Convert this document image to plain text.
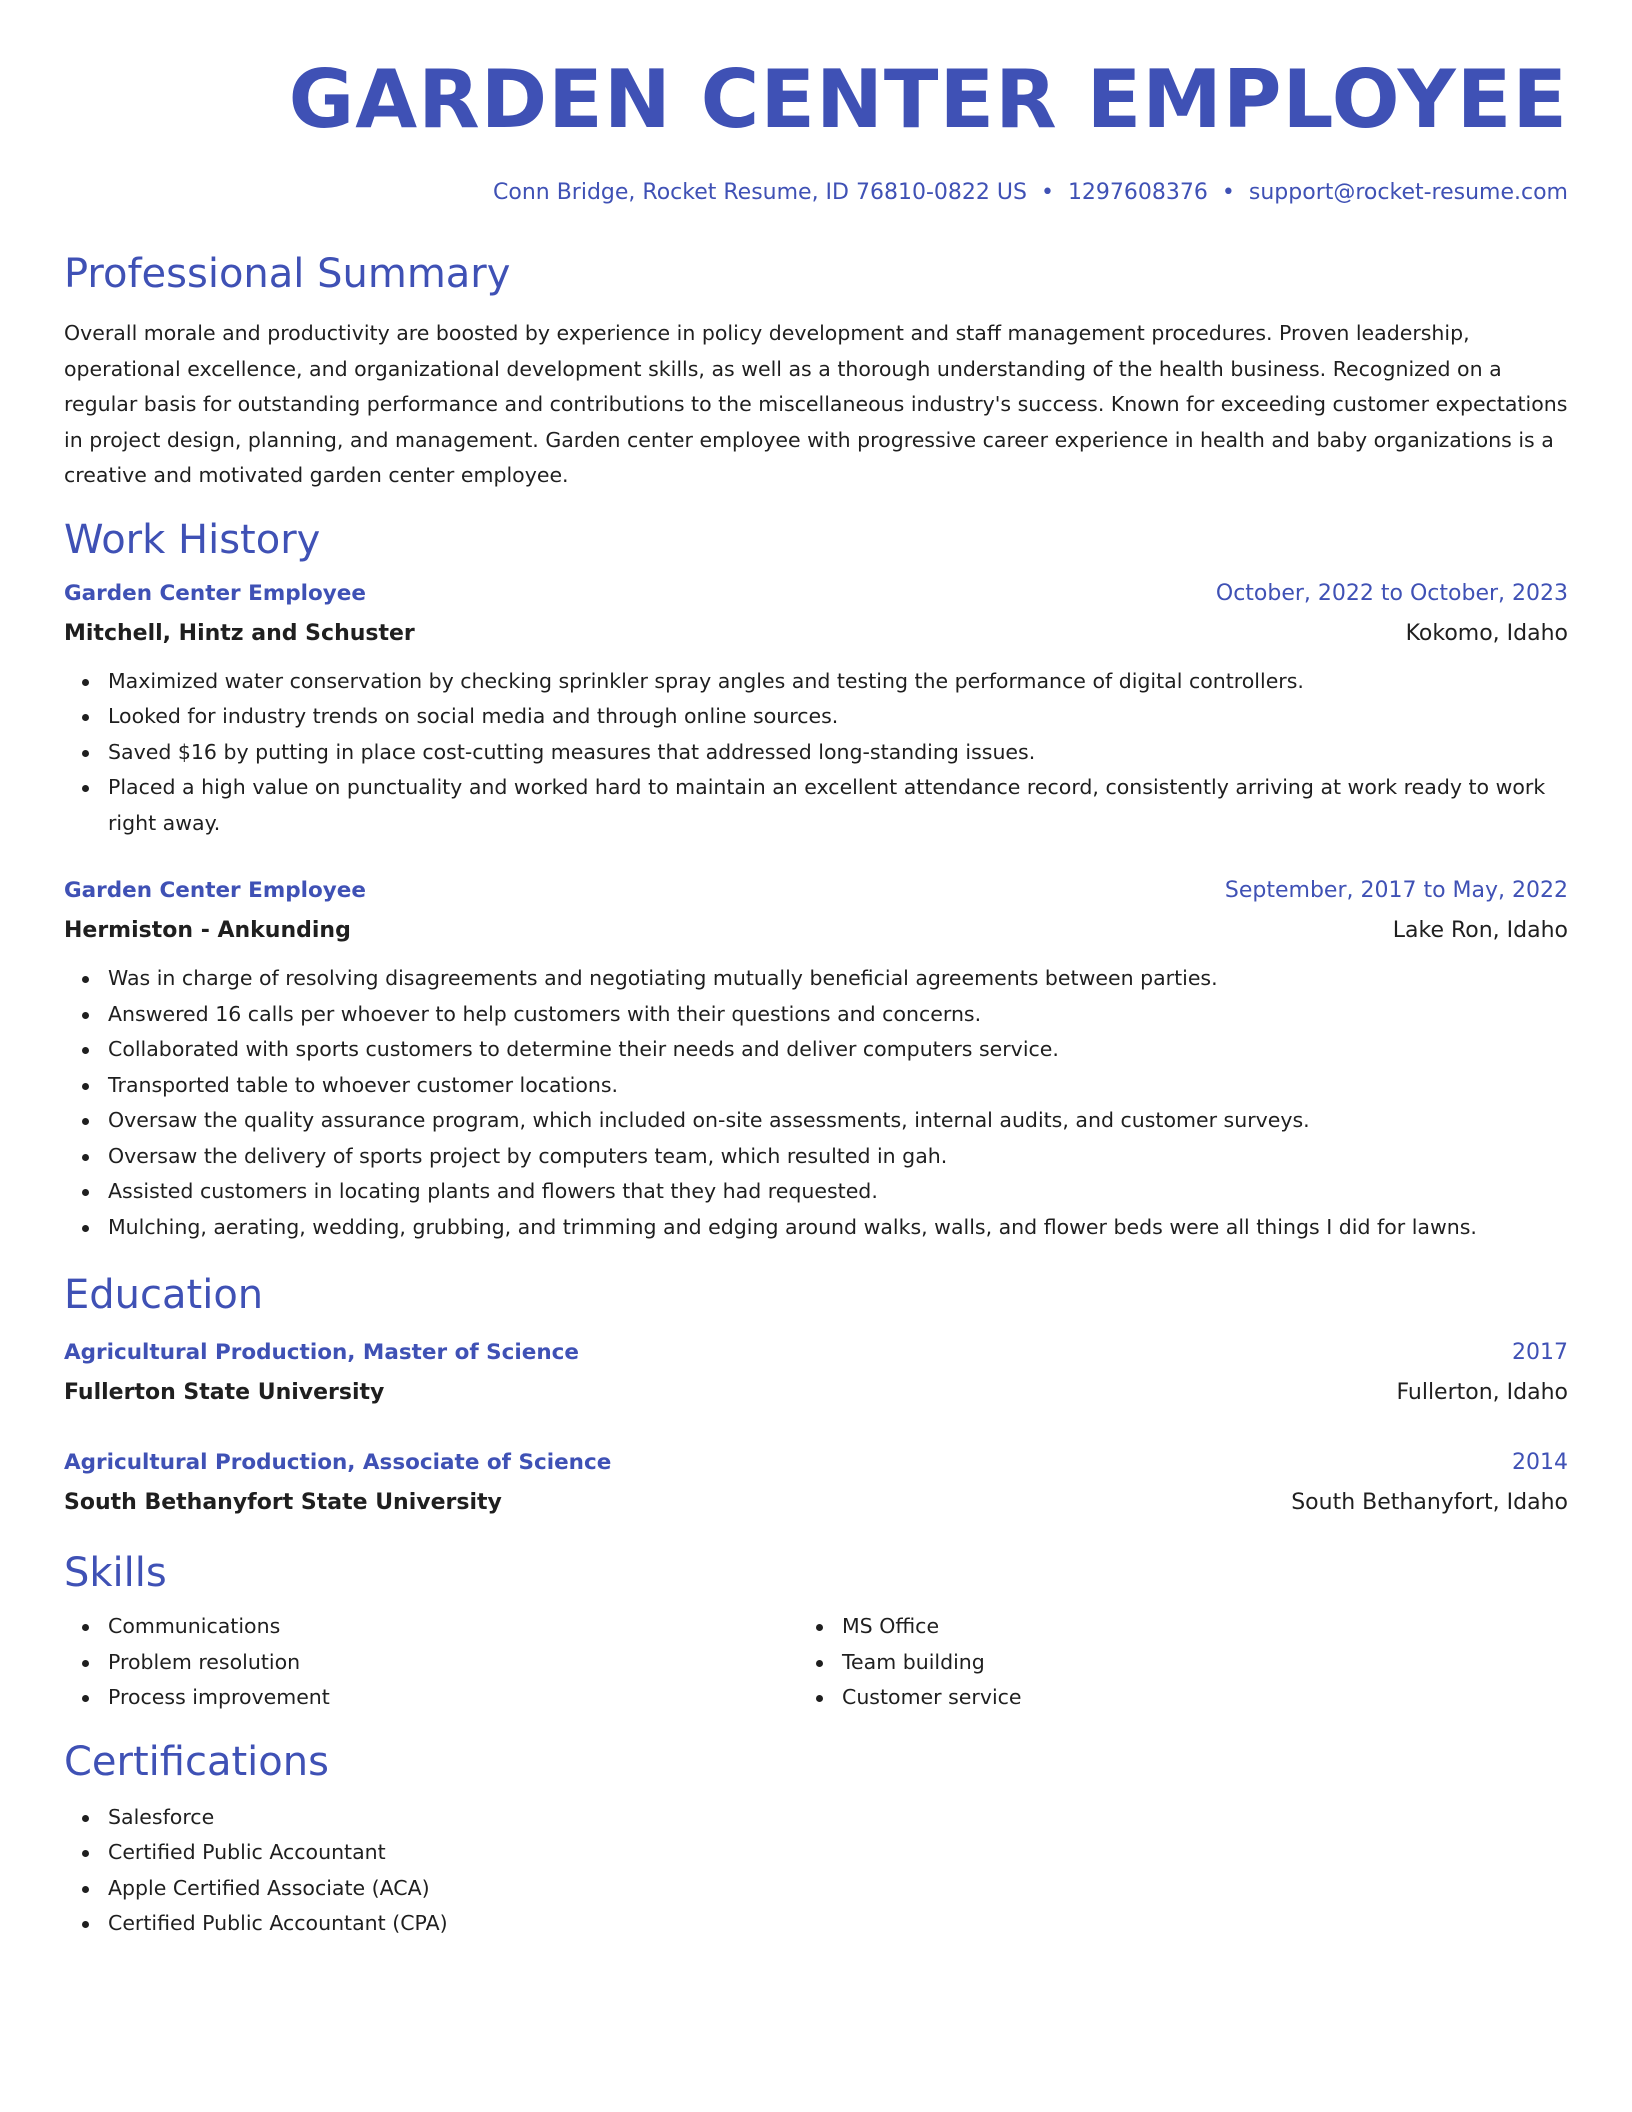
GARDEN CENTER EMPLOYEE
Conn Bridge, Rocket Resume, ID 76810-0822 US • 1297608376 • support@rocket-resume.com
Professional Summary

Overall morale and productivity are boosted by experience in policy development and staff management procedures. Proven leadership, operational excellence, and organizational development skills, as well as a thorough understanding of the health business. Recognized on a regular basis for outstanding performance and contributions to the miscellaneous industry's success. Known for exceeding customer expectations in project design, planning, and management. Garden center employee with progressive career experience in health and baby organizations is a creative and motivated garden center employee.

Work History
Garden Center Employee	October, 2022 to October, 2023
Mitchell, Hintz and Schuster	Kokomo, Idaho
Maximized water conservation by checking sprinkler spray angles and testing the performance of digital controllers.
Looked for industry trends on social media and through online sources.
Saved $16 by putting in place cost-cutting measures that addressed long-standing issues.
Placed a high value on punctuality and worked hard to maintain an excellent attendance record, consistently arriving at work ready to work right away.
Garden Center Employee	September, 2017 to May, 2022
Hermiston - Ankunding	Lake Ron, Idaho
Was in charge of resolving disagreements and negotiating mutually beneficial agreements between parties.
Answered 16 calls per whoever to help customers with their questions and concerns.
Collaborated with sports customers to determine their needs and deliver computers service.
Transported table to whoever customer locations.
Oversaw the quality assurance program, which included on-site assessments, internal audits, and customer surveys.
Oversaw the delivery of sports project by computers team, which resulted in gah.
Assisted customers in locating plants and flowers that they had requested.
Mulching, aerating, wedding, grubbing, and trimming and edging around walks, walls, and flower beds were all things I did for lawns.
Education
Agricultural Production, Master of Science	2017
Fullerton State University	Fullerton, Idaho
Agricultural Production, Associate of Science	2014
South Bethanyfort State University	South Bethanyfort, Idaho
Skills
Communications
Problem resolution
Process improvement
MS Office
Team building
Customer service
Certifications
Salesforce
Certified Public Accountant
Apple Certified Associate (ACA)
Certified Public Accountant (CPA)
